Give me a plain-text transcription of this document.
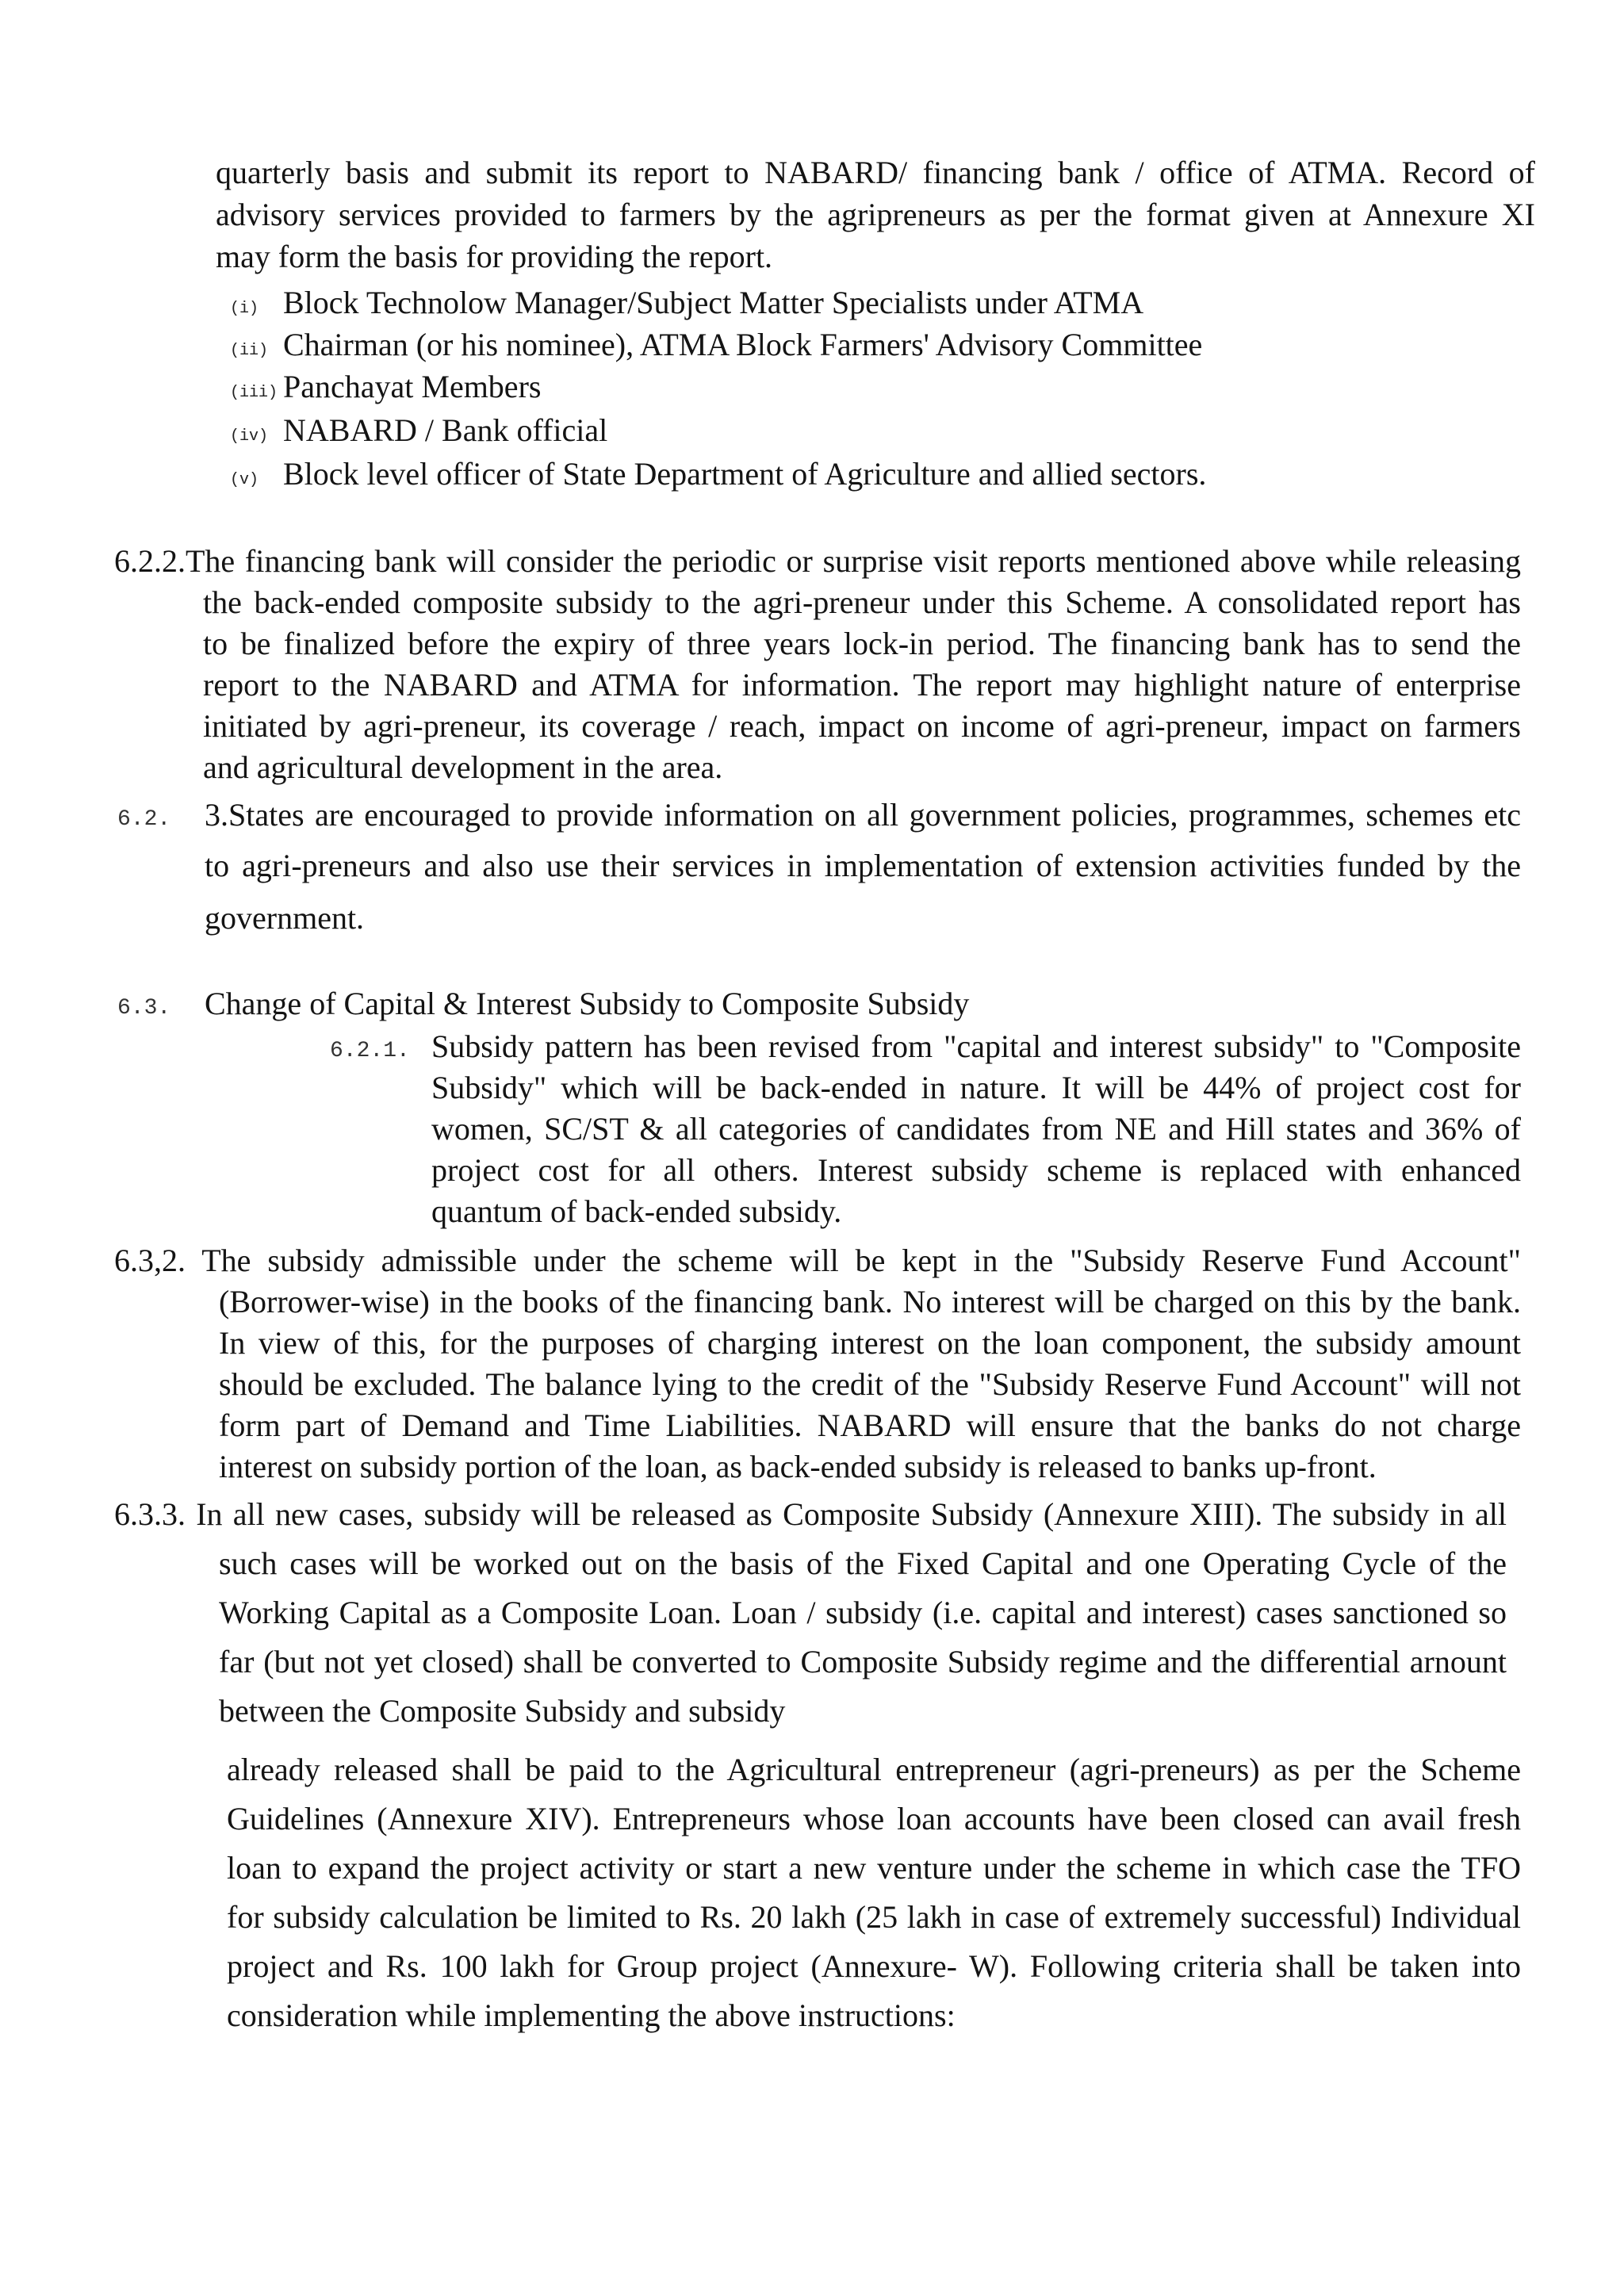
quarterly basis and submit its report to NABARD/ financing bank / office of ATMA. Record of
advisory services provided to farmers by the agripreneurs as per the format given at Annexure XI
may form the basis for providing the report.
(i) Block Technolow Manager/Subject Matter Specialists under ATMA
(ii) Chairman (or his nominee), ATMA Block Farmers' Advisory Committee
(iii) Panchayat Members
(iv) NABARD / Bank official
(v) Block level officer of State Department of Agriculture and allied sectors.
6.2.2.The financing bank will consider the periodic or surprise visit reports mentioned above while releasing
the back-ended composite subsidy to the agri-preneur under this Scheme. A consolidated report has
to be finalized before the expiry of three years lock-in period. The financing bank has to send the
report to the NABARD and ATMA for information. The report may highlight nature of enterprise
initiated by agri-preneur, its coverage / reach, impact on income of agri-preneur, impact on farmers
and agricultural development in the area.
6.2. 3.States are encouraged to provide information on all government policies, programmes, schemes etc
to agri-preneurs and also use their services in implementation of extension activities funded by the
government.
6.3. Change of Capital & Interest Subsidy to Composite Subsidy
6.2.1. Subsidy pattern has been revised from "capital and interest subsidy" to "Composite
Subsidy" which will be back-ended in nature. It will be 44% of project cost for
women, SC/ST & all categories of candidates from NE and Hill states and 36% of
project cost for all others. Interest subsidy scheme is replaced with enhanced
quantum of back-ended subsidy.
6.3,2. The subsidy admissible under the scheme will be kept in the "Subsidy Reserve Fund Account"
(Borrower-wise) in the books of the financing bank. No interest will be charged on this by the bank.
In view of this, for the purposes of charging interest on the loan component, the subsidy amount
should be excluded. The balance lying to the credit of the "Subsidy Reserve Fund Account" will not
form part of Demand and Time Liabilities. NABARD will ensure that the banks do not charge
interest on subsidy portion of the loan, as back-ended subsidy is released to banks up-front.
6.3.3. In all new cases, subsidy will be released as Composite Subsidy (Annexure XIII). The subsidy in all
such cases will be worked out on the basis of the Fixed Capital and one Operating Cycle of the
Working Capital as a Composite Loan. Loan / subsidy (i.e. capital and interest) cases sanctioned so
far (but not yet closed) shall be converted to Composite Subsidy regime and the differential arnount
between the Composite Subsidy and subsidy
already released shall be paid to the Agricultural entrepreneur (agri-preneurs) as per the Scheme
Guidelines (Annexure XIV). Entrepreneurs whose loan accounts have been closed can avail fresh
loan to expand the project activity or start a new venture under the scheme in which case the TFO
for subsidy calculation be limited to Rs. 20 lakh (25 lakh in case of extremely successful) Individual
project and Rs. 100 lakh for Group project (Annexure- W). Following criteria shall be taken into
consideration while implementing the above instructions:
